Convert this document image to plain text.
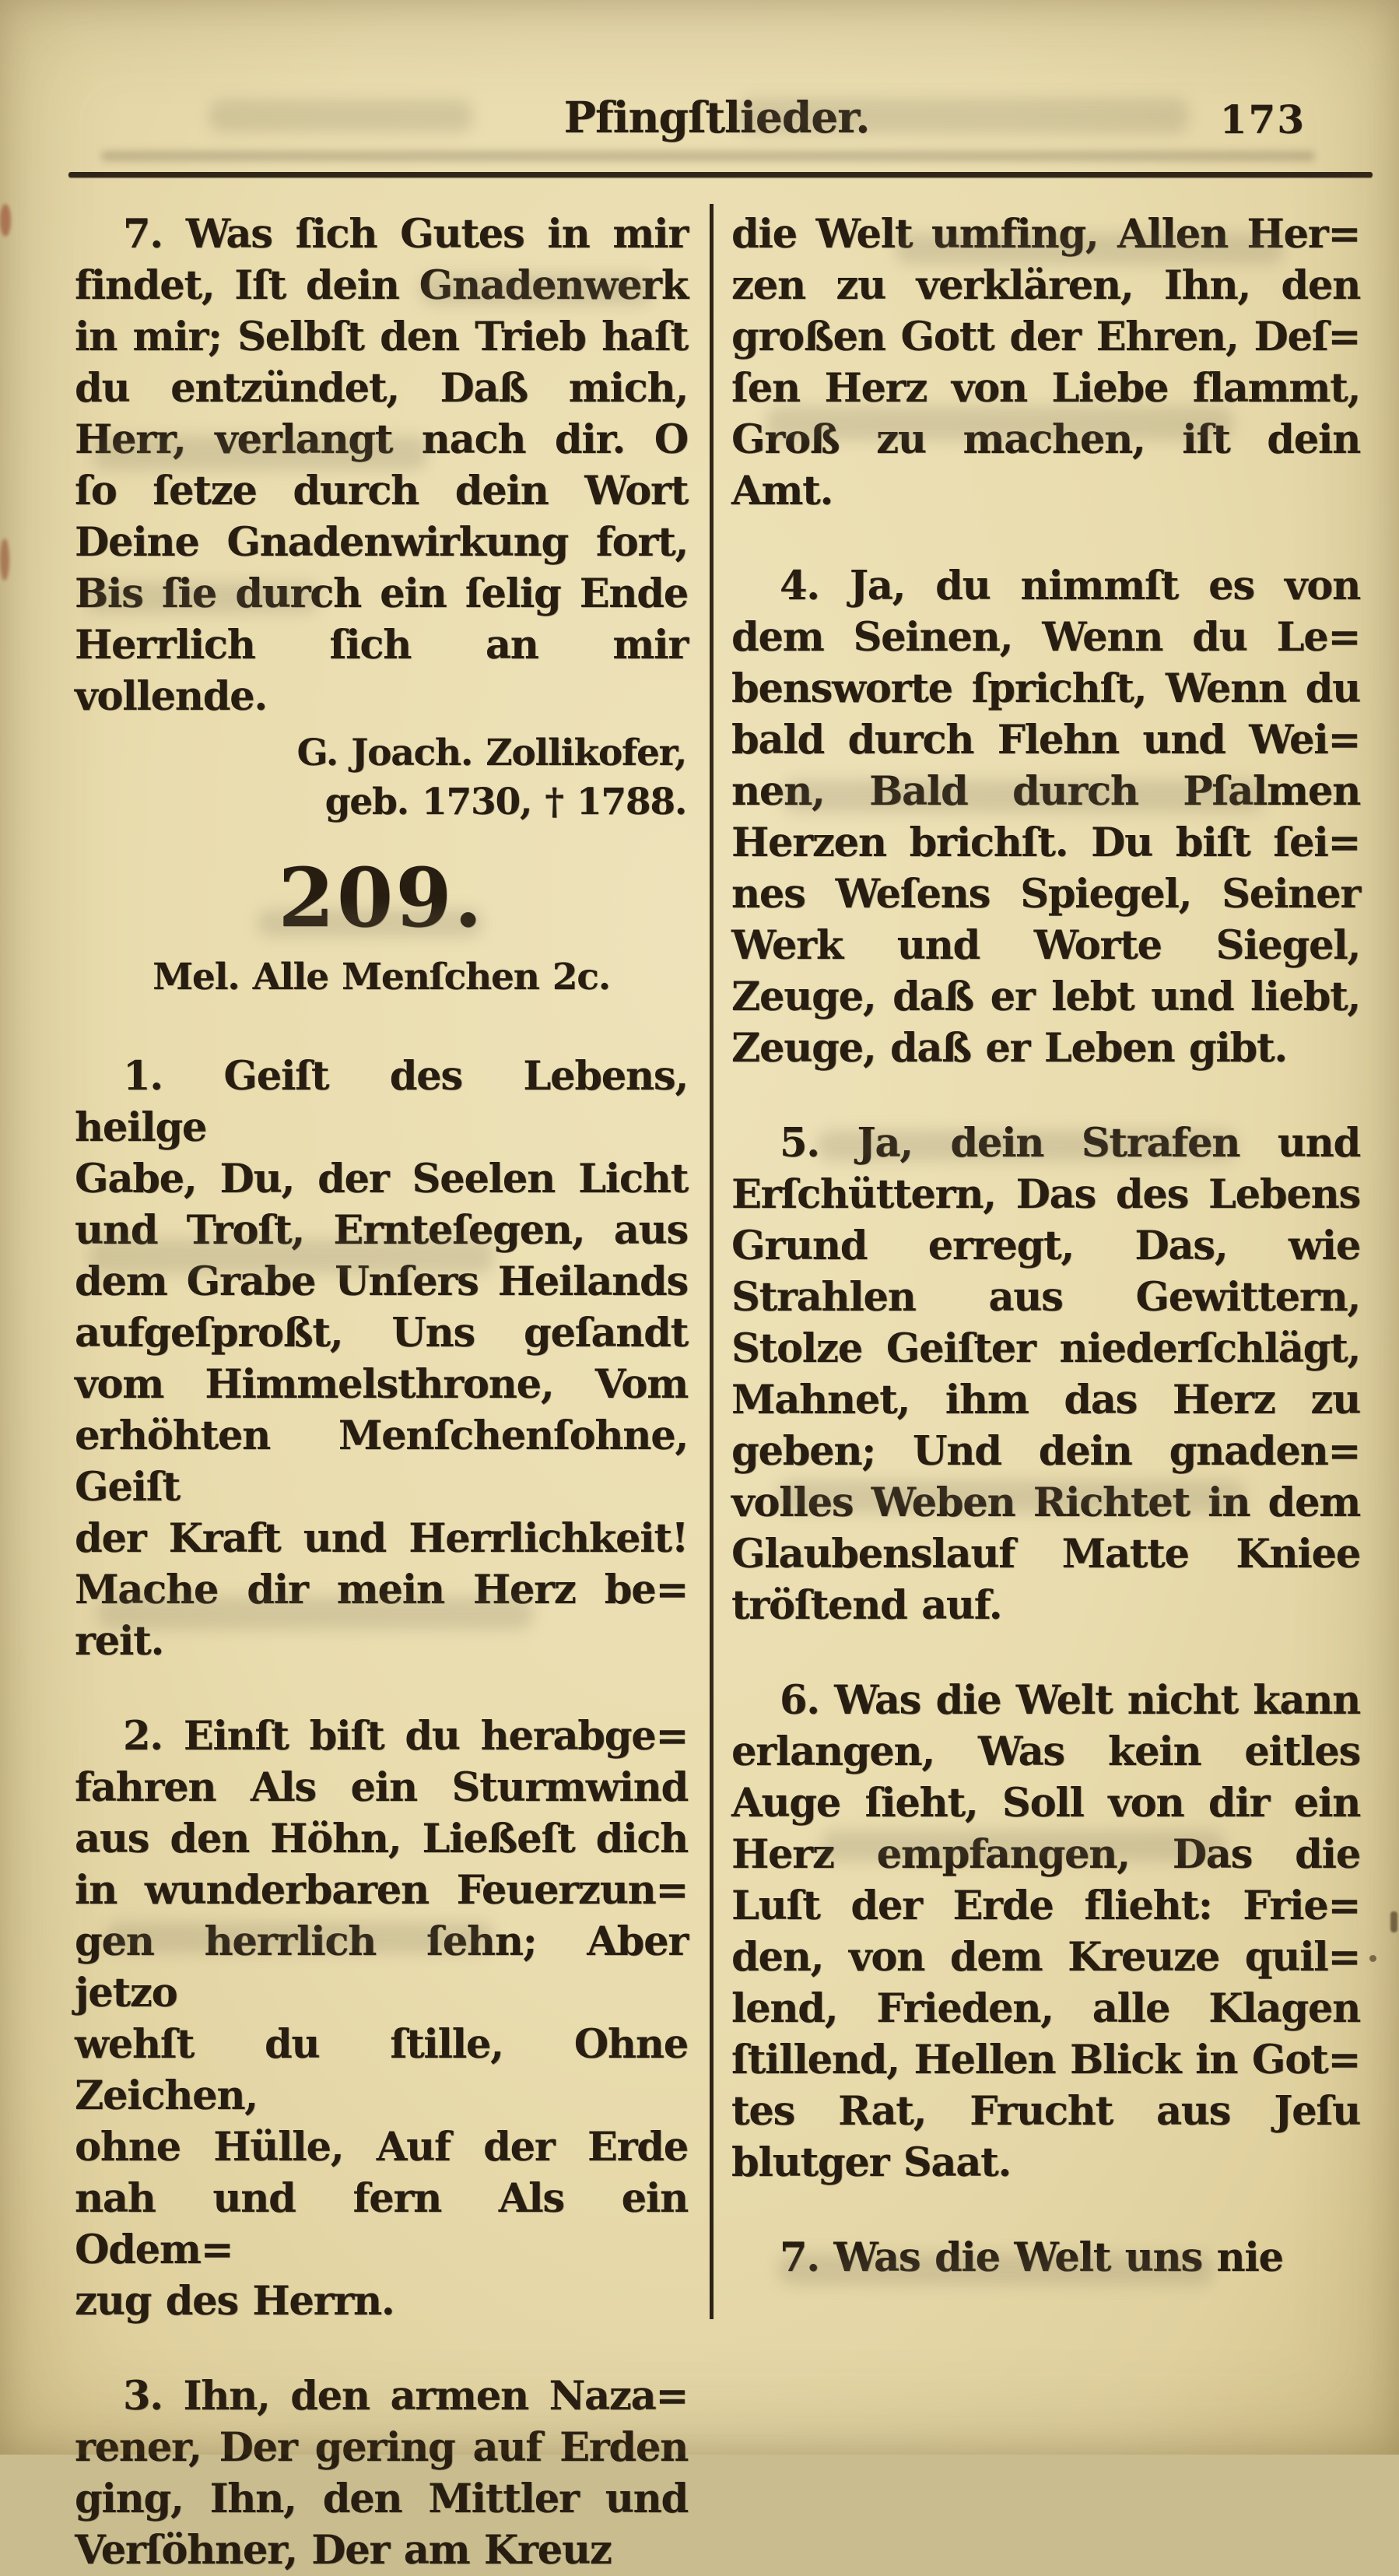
Pfingſtlieder.	173
7. Was ſich Gutes in mir
findet, Iſt dein Gnadenwerk
in mir; Selbſt den Trieb haſt
du entzündet, Daß mich,
Herr, verlangt nach dir. O
ſo ſetze durch dein Wort
Deine Gnadenwirkung fort,
Bis ſie durch ein ſelig Ende
Herrlich ſich an mir vollende.
G. Joach. Zollikofer,
geb. 1730, † 1788.
209.
Mel. Alle Menſchen 2c.
1. Geiſt des Lebens, heilge
Gabe, Du, der Seelen Licht
und Troſt, Ernteſegen, aus
dem Grabe Unſers Heilands
aufgeſproßt, Uns geſandt
vom Himmelsthrone, Vom
erhöhten Menſchenſohne, Geiſt
der Kraft und Herrlichkeit!
Mache dir mein Herz be=
reit.
2. Einſt biſt du herabge=
fahren Als ein Sturmwind
aus den Höhn, Ließeſt dich
in wunderbaren Feuerzun=
gen herrlich ſehn; Aber jetzo
wehſt du ſtille, Ohne Zeichen,
ohne Hülle, Auf der Erde
nah und fern Als ein Odem=
zug des Herrn.
3. Ihn, den armen Naza=
rener, Der gering auf Erden
ging, Ihn, den Mittler und
Verſöhner, Der am Kreuz
die Welt umfing, Allen Her=
zen zu verklären, Ihn, den
großen Gott der Ehren, Deſ=
ſen Herz von Liebe flammt,
Groß zu machen, iſt dein
Amt.
4. Ja, du nimmſt es von
dem Seinen, Wenn du Le=
bensworte ſprichſt, Wenn du
bald durch Flehn und Wei=
nen, Bald durch Pſalmen
Herzen brichſt. Du biſt ſei=
nes Weſens Spiegel, Seiner
Werk und Worte Siegel,
Zeuge, daß er lebt und liebt,
Zeuge, daß er Leben gibt.
5. Ja, dein Strafen und
Erſchüttern, Das des Lebens
Grund erregt, Das, wie
Strahlen aus Gewittern,
Stolze Geiſter niederſchlägt,
Mahnet, ihm das Herz zu
geben; Und dein gnaden=
volles Weben Richtet in dem
Glaubenslauf Matte Kniee
tröſtend auf.
6. Was die Welt nicht kann
erlangen, Was kein eitles
Auge ſieht, Soll von dir ein
Herz empfangen, Das die
Luſt der Erde flieht: Frie=
den, von dem Kreuze quil=
lend, Frieden, alle Klagen
ſtillend, Hellen Blick in Got=
tes Rat, Frucht aus Jeſu
blutger Saat.
7. Was die Welt uns nie
